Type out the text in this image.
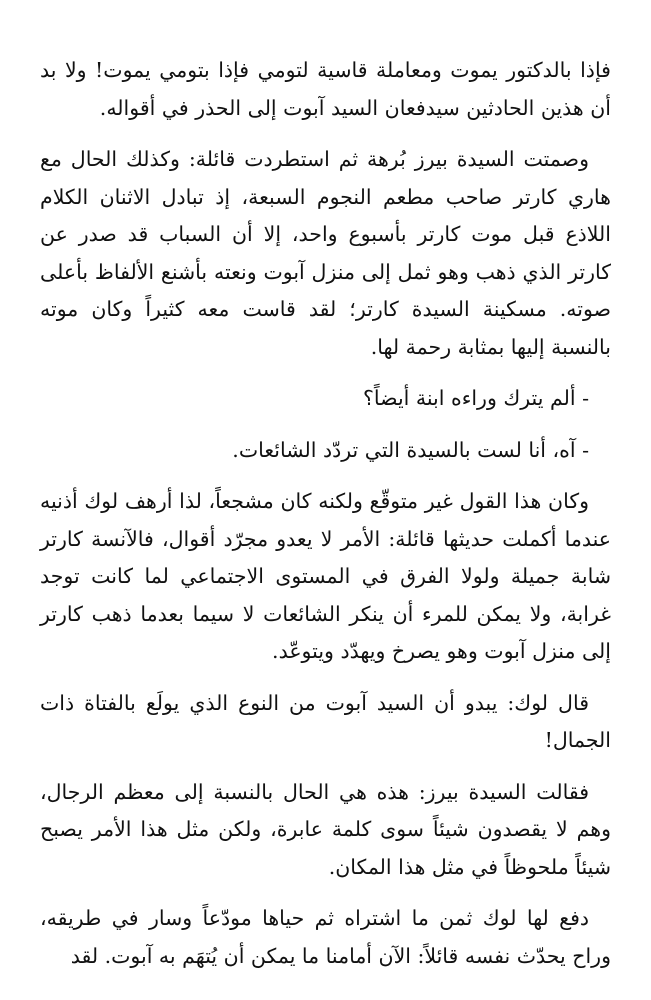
فإذا بالدكتور يموت ومعاملة قاسية لتومي فإذا بتومي يموت! ولا بد أن هذين الحادثين سيدفعان السيد آبوت إلى الحذر في أقواله.

وصمتت السيدة بيرز بُرهة ثم استطردت قائلة: وكذلك الحال مع هاري كارتر صاحب مطعم النجوم السبعة، إذ تبادل الاثنان الكلام اللاذع قبل موت كارتر بأسبوع واحد، إلا أن السباب قد صدر عن كارتر الذي ذهب وهو ثمل إلى منزل آبوت ونعته بأشنع الألفاظ بأعلى صوته. مسكينة السيدة كارتر؛ لقد قاست معه كثيراً وكان موته بالنسبة إليها بمثابة رحمة لها.

- ألم يترك وراءه ابنة أيضاً؟

- آه، أنا لست بالسيدة التي تردّد الشائعات.

وكان هذا القول غير متوقّع ولكنه كان مشجعاً، لذا أرهف لوك أذنيه عندما أكملت حديثها قائلة: الأمر لا يعدو مجرّد أقوال، فالآنسة كارتر شابة جميلة ولولا الفرق في المستوى الاجتماعي لما كانت توجد غرابة، ولا يمكن للمرء أن ينكر الشائعات لا سيما بعدما ذهب كارتر إلى منزل آبوت وهو يصرخ ويهدّد ويتوعّد.

قال لوك: يبدو أن السيد آبوت من النوع الذي يولَع بالفتاة ذات الجمال!

فقالت السيدة بيرز: هذه هي الحال بالنسبة إلى معظم الرجال، وهم لا يقصدون شيئاً سوى كلمة عابرة، ولكن مثل هذا الأمر يصبح شيئاً ملحوظاً في مثل هذا المكان.

دفع لها لوك ثمن ما اشتراه ثم حياها مودّعاً وسار في طريقه، وراح يحدّث نفسه قائلاً: الآن أمامنا ما يمكن أن يُتهَم به آبوت. لقد
